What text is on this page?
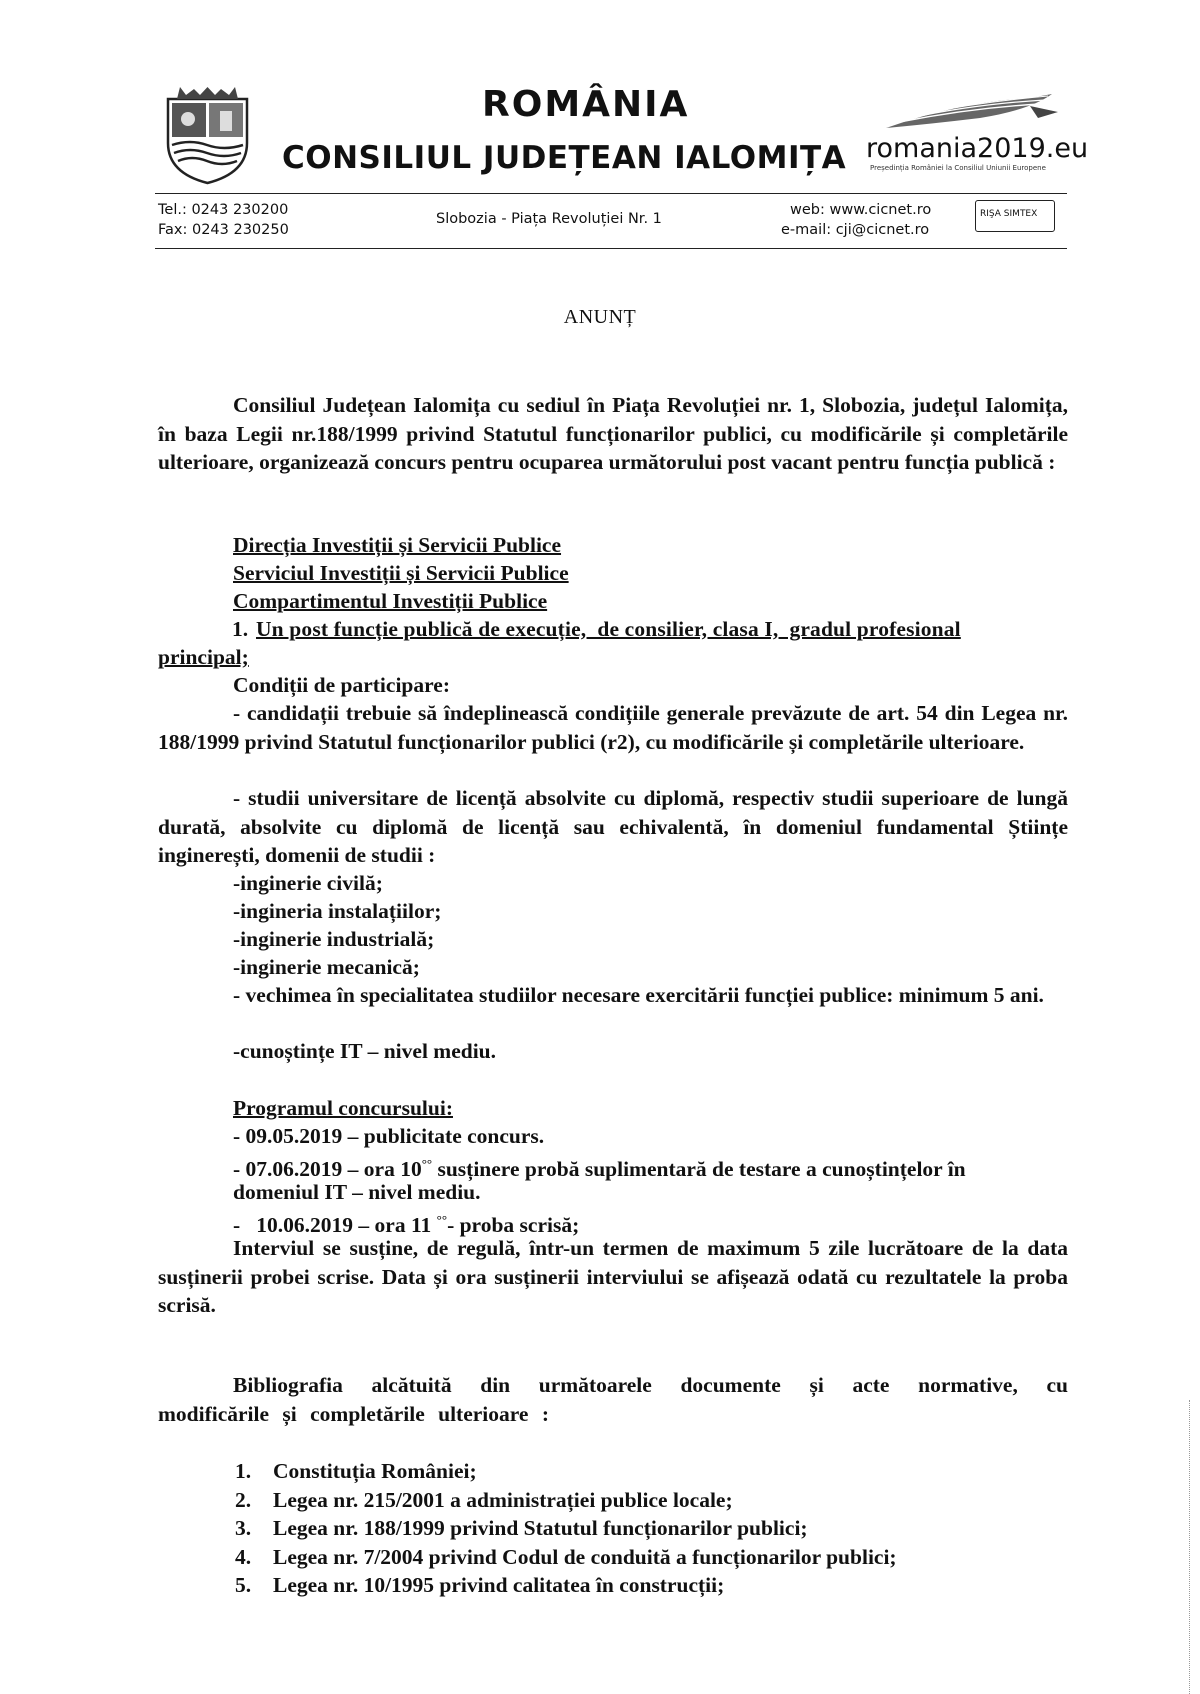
ROMÂNIA
CONSILIUL JUDEȚEAN IALOMIȚA romania2019.eu
Președinția României la Consiliul Uniunii Europene
Tel.: 0243 230200
Fax: 0243 230250
Slobozia - Piața Revoluției Nr. 1
web: www.cicnet.ro
e-mail: cji@cicnet.ro
RIŞA SIMTEX
ANUNȚ
Consiliul Județean Ialomița cu sediul în Piața Revoluției nr. 1, Slobozia, județul Ialomița, în baza Legii nr.188/1999 privind Statutul funcționarilor publici, cu modificările și completările ulterioare, organizează concurs pentru ocuparea următorului post vacant pentru funcția publică :
Direcția Investiții și Servicii Publice
Serviciul Investiții și Servicii Publice
Compartimentul Investiții Publice
1. Un post funcție publică de execuție,  de consilier, clasa I,  gradul profesional
principal;
Condiții de participare:
- candidații trebuie să îndeplinească condițiile generale prevăzute de art. 54 din Legea nr. 188/1999 privind Statutul funcționarilor publici (r2), cu modificările și completările ulterioare.
- studii universitare de licență absolvite cu diplomă, respectiv studii superioare de lungă durată, absolvite cu diplomă de licență sau echivalentă, în domeniul fundamental Științe inginerești, domenii de studii :
-inginerie civilă;
-ingineria instalațiilor;
-inginerie industrială;
-inginerie mecanică;
- vechimea în specialitatea studiilor necesare exercitării funcției publice: minimum 5 ani.
-cunoștințe IT – nivel mediu.
Programul concursului:
- 09.05.2019 – publicitate concurs.
- 07.06.2019 – ora 10°° susținere probă suplimentară de testare a cunoștințelor în
domeniul IT – nivel mediu.
-   10.06.2019 – ora 11 °°- proba scrisă;
Interviul se susține, de regulă, într-un termen de maximum 5 zile lucrătoare de la data susținerii probei scrise. Data și ora susținerii interviului se afișează odată cu rezultatele la proba scrisă.
Bibliografia alcătuită din următoarele documente și acte normative, cu modificările și completările ulterioare :
1.	Constituția României;
2.	Legea nr. 215/2001 a administrației publice locale;
3.	Legea nr. 188/1999 privind Statutul funcționarilor publici;
4.	Legea nr. 7/2004 privind Codul de conduită a funcționarilor publici;
5.	Legea nr. 10/1995 privind calitatea în construcții;
